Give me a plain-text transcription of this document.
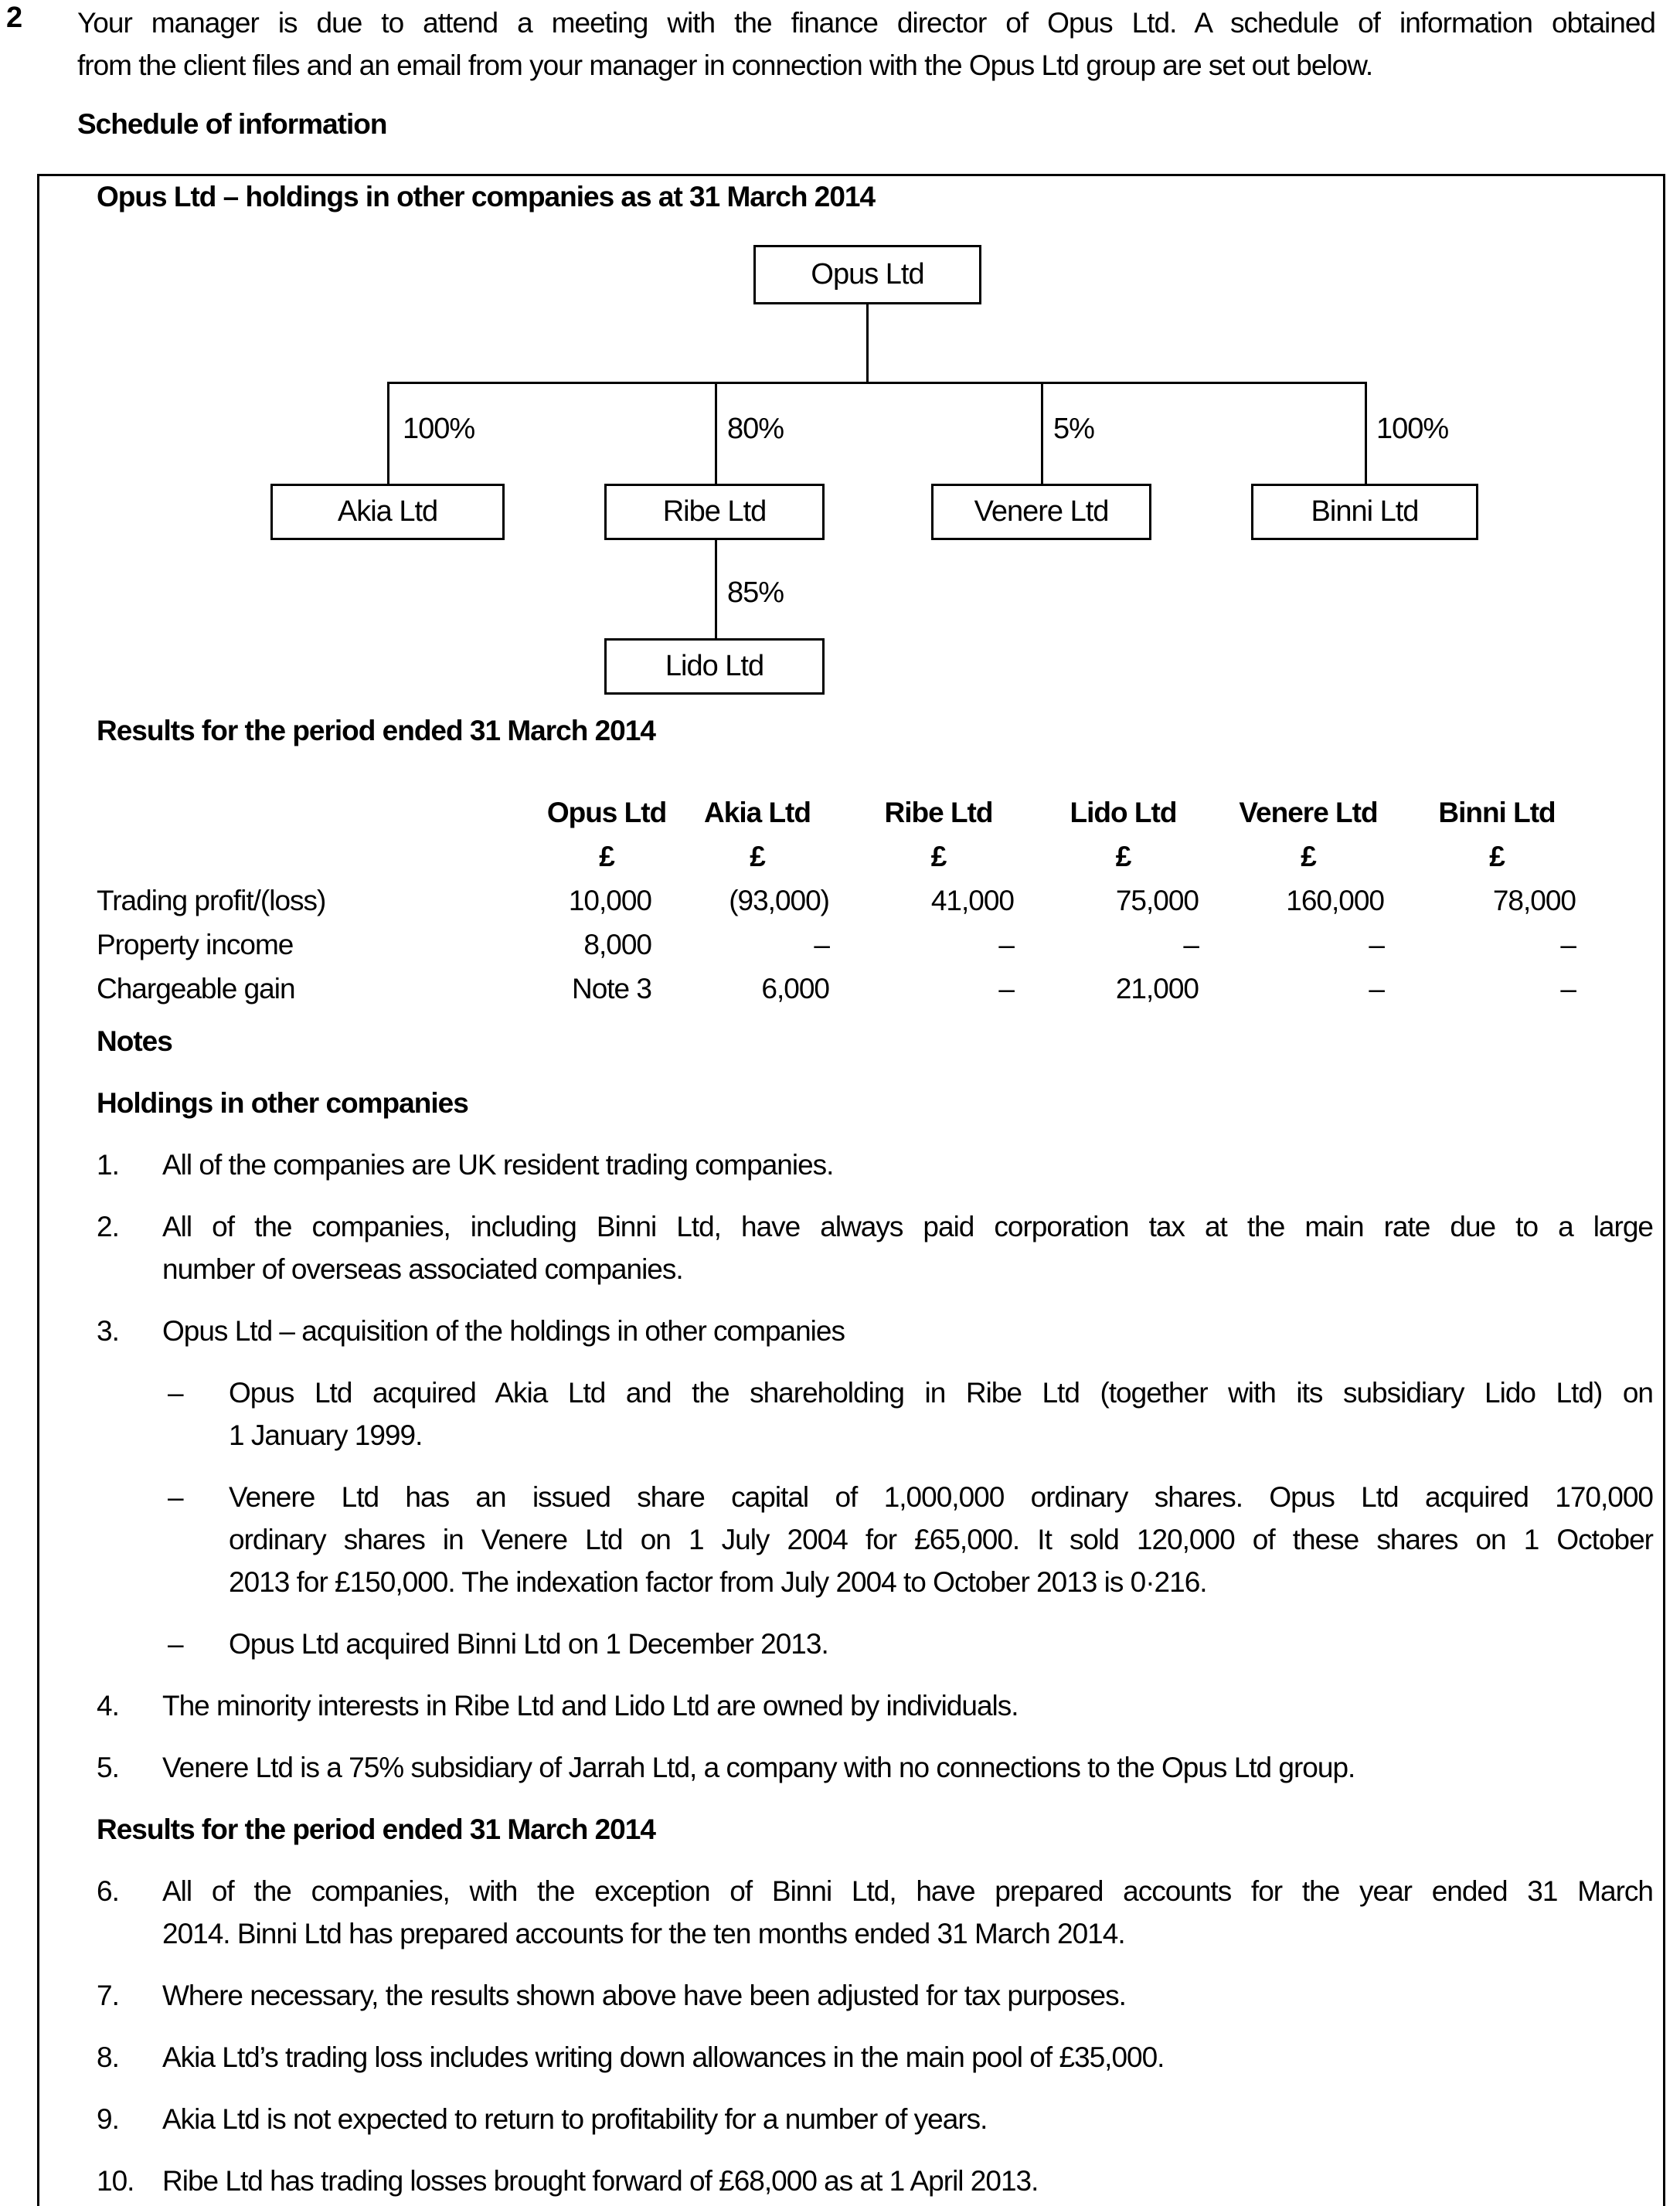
2 Your manager is due to attend a meeting with the finance director of Opus Ltd. A schedule of information obtained
from the client files and an email from your manager in connection with the Opus Ltd group are set out below.
Schedule of information
Opus Ltd – holdings in other companies as at 31 March 2014
Opus Ltd
100%	80%	5%	100%
Akia Ltd	Ribe Ltd	Venere Ltd	Binni Ltd
85%
Lido Ltd
Results for the period ended 31 March 2014
	Opus Ltd	Akia Ltd	Ribe Ltd	Lido Ltd	Venere Ltd	Binni Ltd
	£	£	£	£	£	£
Trading profit/(loss)	10,000	(93,000)	41,000	75,000	160,000	78,000
Property income	8,000	–	–	–	–	–
Chargeable gain	Note 3	6,000	–	21,000	–	–
Notes
Holdings in other companies
1. All of the companies are UK resident trading companies.
2. All of the companies, including Binni Ltd, have always paid corporation tax at the main rate due to a large
number of overseas associated companies.
3. Opus Ltd – acquisition of the holdings in other companies
– Opus Ltd acquired Akia Ltd and the shareholding in Ribe Ltd (together with its subsidiary Lido Ltd) on
1 January 1999.
– Venere Ltd has an issued share capital of 1,000,000 ordinary shares. Opus Ltd acquired 170,000
ordinary shares in Venere Ltd on 1 July 2004 for £65,000. It sold 120,000 of these shares on 1 October
2013 for £150,000. The indexation factor from July 2004 to October 2013 is 0·216.
– Opus Ltd acquired Binni Ltd on 1 December 2013.
4. The minority interests in Ribe Ltd and Lido Ltd are owned by individuals.
5. Venere Ltd is a 75% subsidiary of Jarrah Ltd, a company with no connections to the Opus Ltd group.
Results for the period ended 31 March 2014
6. All of the companies, with the exception of Binni Ltd, have prepared accounts for the year ended 31 March
2014. Binni Ltd has prepared accounts for the ten months ended 31 March 2014.
7. Where necessary, the results shown above have been adjusted for tax purposes.
8. Akia Ltd’s trading loss includes writing down allowances in the main pool of £35,000.
9. Akia Ltd is not expected to return to profitability for a number of years.
10. Ribe Ltd has trading losses brought forward of £68,000 as at 1 April 2013.
